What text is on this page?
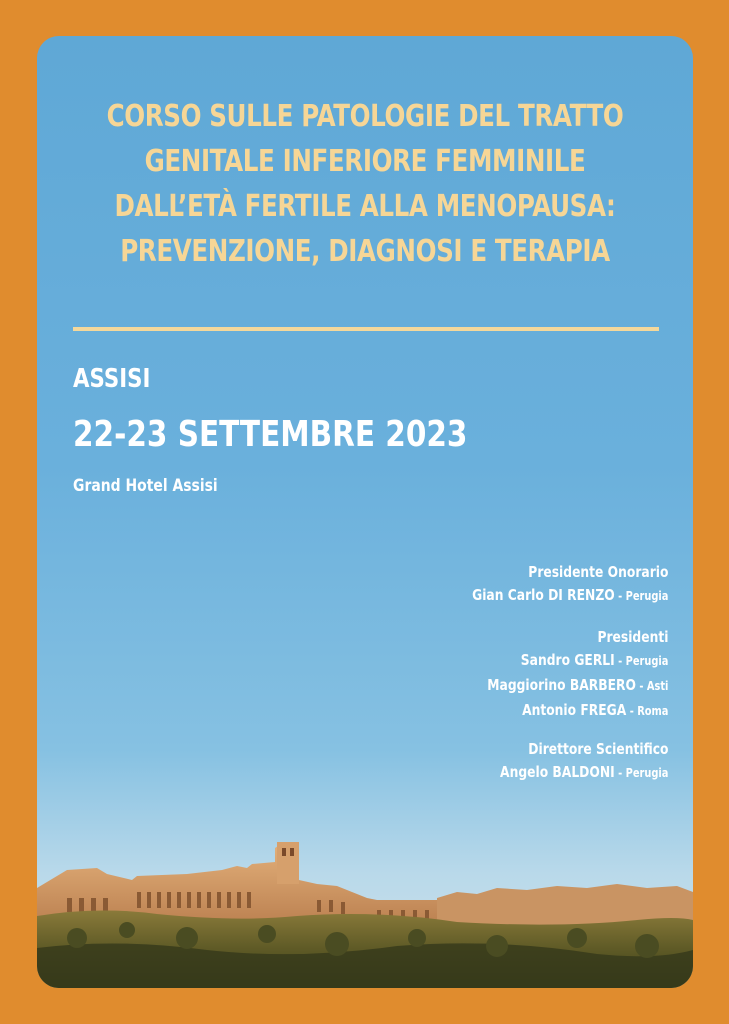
CORSO SULLE PATOLOGIE DEL TRATTO
GENITALE INFERIORE FEMMINILE
DALL’ETÀ FERTILE ALLA MENOPAUSA:
PREVENZIONE, DIAGNOSI E TERAPIA
ASSISI
22-23 SETTEMBRE 2023
Grand Hotel Assisi
Presidente Onorario
Gian Carlo DI RENZO - Perugia
Presidenti
Sandro GERLI - Perugia
Maggiorino BARBERO - Asti
Antonio FREGA - Roma
Direttore Scientifico
Angelo BALDONI - Perugia
